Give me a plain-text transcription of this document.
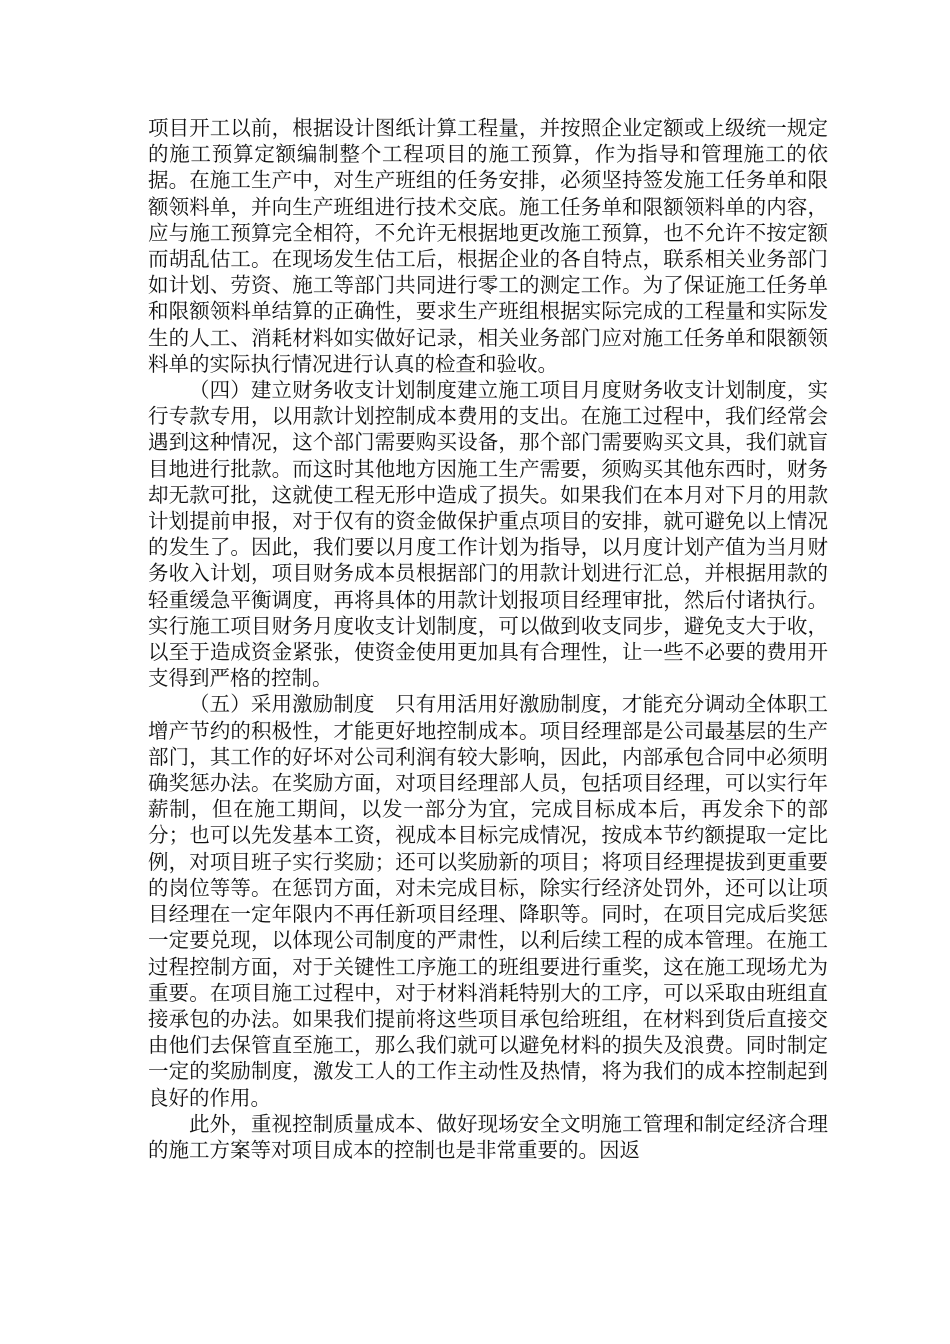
项目开工以前，根据设计图纸计算工程量，并按照企业定额或上级统一规定的施工预算定额编制整个工程项目的施工预算，作为指导和管理施工的依据。在施工生产中，对生产班组的任务安排，必须坚持签发施工任务单和限额领料单，并向生产班组进行技术交底。施工任务单和限额领料单的内容，应与施工预算完全相符，不允许无根据地更改施工预算，也不允许不按定额而胡乱估工。在现场发生估工后，根据企业的各自特点，联系相关业务部门如计划、劳资、施工等部门共同进行零工的测定工作。为了保证施工任务单和限额领料单结算的正确性，要求生产班组根据实际完成的工程量和实际发生的人工、消耗材料如实做好记录，相关业务部门应对施工任务单和限额领料单的实际执行情况进行认真的检查和验收。

（四）建立财务收支计划制度建立施工项目月度财务收支计划制度，实行专款专用，以用款计划控制成本费用的支出。在施工过程中，我们经常会遇到这种情况，这个部门需要购买设备，那个部门需要购买文具，我们就盲目地进行批款。而这时其他地方因施工生产需要，须购买其他东西时，财务却无款可批，这就使工程无形中造成了损失。如果我们在本月对下月的用款计划提前申报，对于仅有的资金做保护重点项目的安排，就可避免以上情况的发生了。因此，我们要以月度工作计划为指导，以月度计划产值为当月财务收入计划，项目财务成本员根据部门的用款计划进行汇总，并根据用款的轻重缓急平衡调度，再将具体的用款计划报项目经理审批，然后付诸执行。实行施工项目财务月度收支计划制度，可以做到收支同步，避免支大于收，以至于造成资金紧张，使资金使用更加具有合理性，让一些不必要的费用开支得到严格的控制。

（五）采用激励制度　只有用活用好激励制度，才能充分调动全体职工增产节约的积极性，才能更好地控制成本。项目经理部是公司最基层的生产部门，其工作的好坏对公司利润有较大影响，因此，内部承包合同中必须明确奖惩办法。在奖励方面，对项目经理部人员，包括项目经理，可以实行年薪制，但在施工期间，以发一部分为宜，完成目标成本后，再发余下的部分；也可以先发基本工资，视成本目标完成情况，按成本节约额提取一定比例，对项目班子实行奖励；还可以奖励新的项目；将项目经理提拔到更重要的岗位等等。在惩罚方面，对未完成目标，除实行经济处罚外，还可以让项目经理在一定年限内不再任新项目经理、降职等。同时，在项目完成后奖惩一定要兑现，以体现公司制度的严肃性，以利后续工程的成本管理。在施工过程控制方面，对于关键性工序施工的班组要进行重奖，这在施工现场尤为重要。在项目施工过程中，对于材料消耗特别大的工序，可以采取由班组直接承包的办法。如果我们提前将这些项目承包给班组，在材料到货后直接交由他们去保管直至施工，那么我们就可以避免材料的损失及浪费。同时制定一定的奖励制度，激发工人的工作主动性及热情，将为我们的成本控制起到良好的作用。

此外，重视控制质量成本、做好现场安全文明施工管理和制定经济合理的施工方案等对项目成本的控制也是非常重要的。因返
